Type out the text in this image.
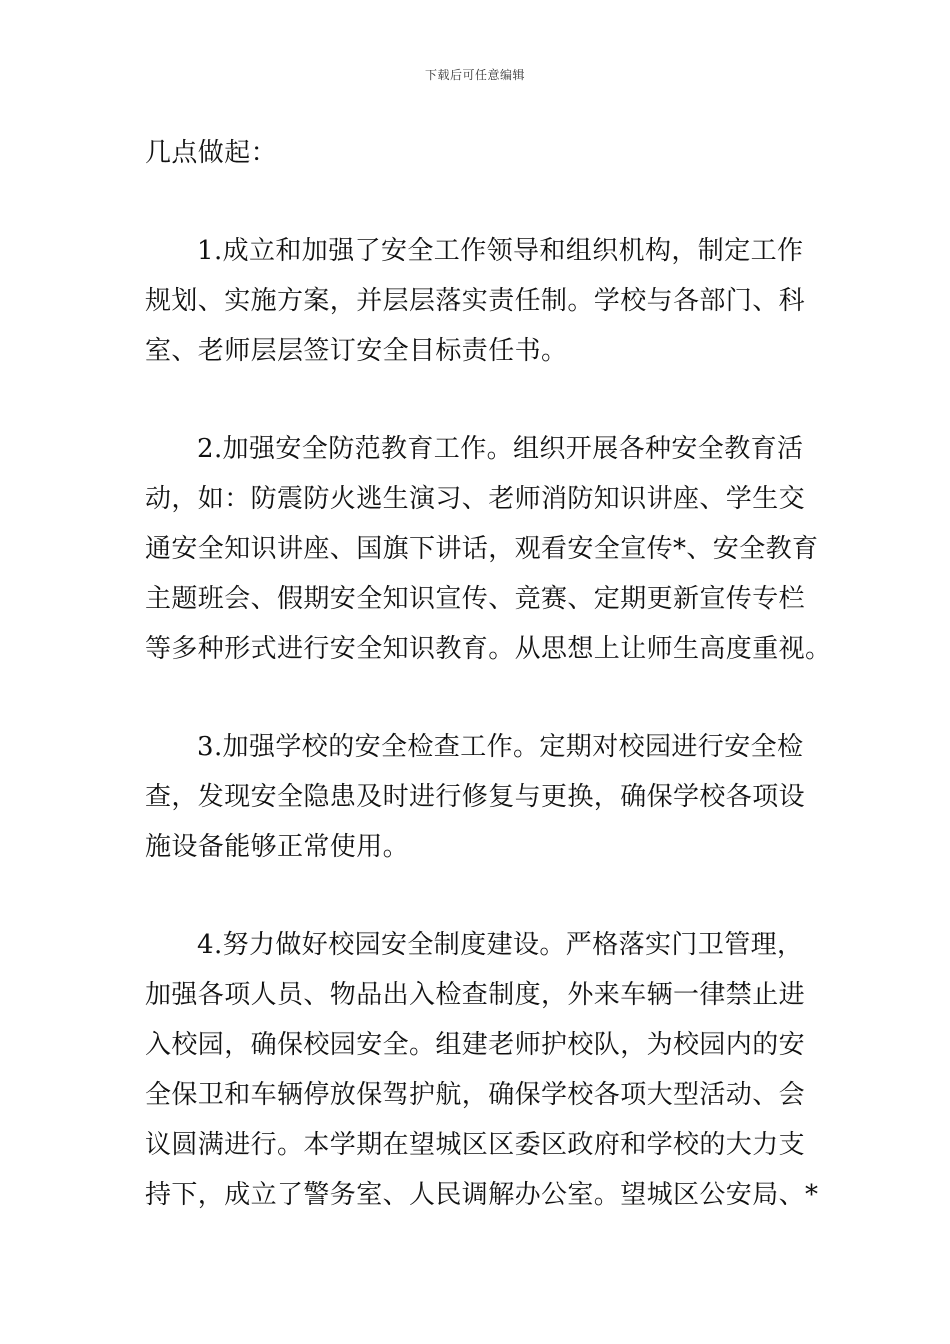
下载后可任意编辑
几点做起：
1.成立和加强了安全工作领导和组织机构，制定工作
规划、实施方案，并层层落实责任制。学校与各部门、科
室、老师层层签订安全目标责任书。
2.加强安全防范教育工作。组织开展各种安全教育活
动，如：防震防火逃生演习、老师消防知识讲座、学生交
通安全知识讲座、国旗下讲话，观看安全宣传*、安全教育
主题班会、假期安全知识宣传、竞赛、定期更新宣传专栏
等多种形式进行安全知识教育。从思想上让师生高度重视。
3.加强学校的安全检查工作。定期对校园进行安全检
查，发现安全隐患及时进行修复与更换，确保学校各项设
施设备能够正常使用。
4.努力做好校园安全制度建设。严格落实门卫管理，
加强各项人员、物品出入检查制度，外来车辆一律禁止进
入校园，确保校园安全。组建老师护校队，为校园内的安
全保卫和车辆停放保驾护航，确保学校各项大型活动、会
议圆满进行。本学期在望城区区委区政府和学校的大力支
持下，成立了警务室、人民调解办公室。望城区公安局、*
